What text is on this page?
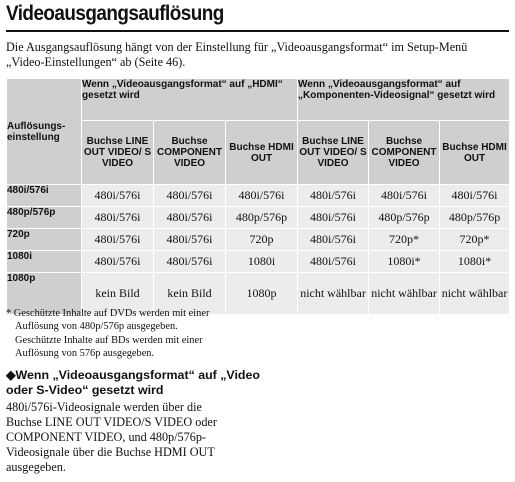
Videoausgangsauflösung
Die Ausgangsauflösung hängt von der Einstellung für „Videoausgangsformat“ im Setup-Menü
„Video-Einstellungen“ ab (Seite 46).
Auflösungs-einstellung	Wenn „Videoausgangsformat“ auf „HDMI“ gesetzt wird			Wenn „Videoausgangsformat“ auf „Komponenten-Videosignal“ gesetzt wird		
	Buchse LINE OUT VIDEO/ S VIDEO	Buchse COMPONENT VIDEO	Buchse HDMI OUT	Buchse LINE OUT VIDEO/ S VIDEO	Buchse COMPONENT VIDEO	Buchse HDMI OUT
480i/576i	480i/576i	480i/576i	480i/576i	480i/576i	480i/576i	480i/576i
480p/576p	480i/576i	480i/576i	480p/576p	480i/576i	480p/576p	480p/576p
720p	480i/576i	480i/576i	720p	480i/576i	720p*	720p*
1080i	480i/576i	480i/576i	1080i	480i/576i	1080i*	1080i*
1080p	kein Bild	kein Bild	1080p	nicht wählbar	nicht wählbar	nicht wählbar
* Geschützte Inhalte auf DVDs werden mit einer
Auflösung von 480p/576p ausgegeben.
Geschützte Inhalte auf BDs werden mit einer
Auflösung von 576p ausgegeben.
◆Wenn „Videoausgangsformat“ auf „Video
oder S-Video“ gesetzt wird
480i/576i-Videosignale werden über die
Buchse LINE OUT VIDEO/S VIDEO oder
COMPONENT VIDEO, und 480p/576p-
Videosignale über die Buchse HDMI OUT
ausgegeben.
